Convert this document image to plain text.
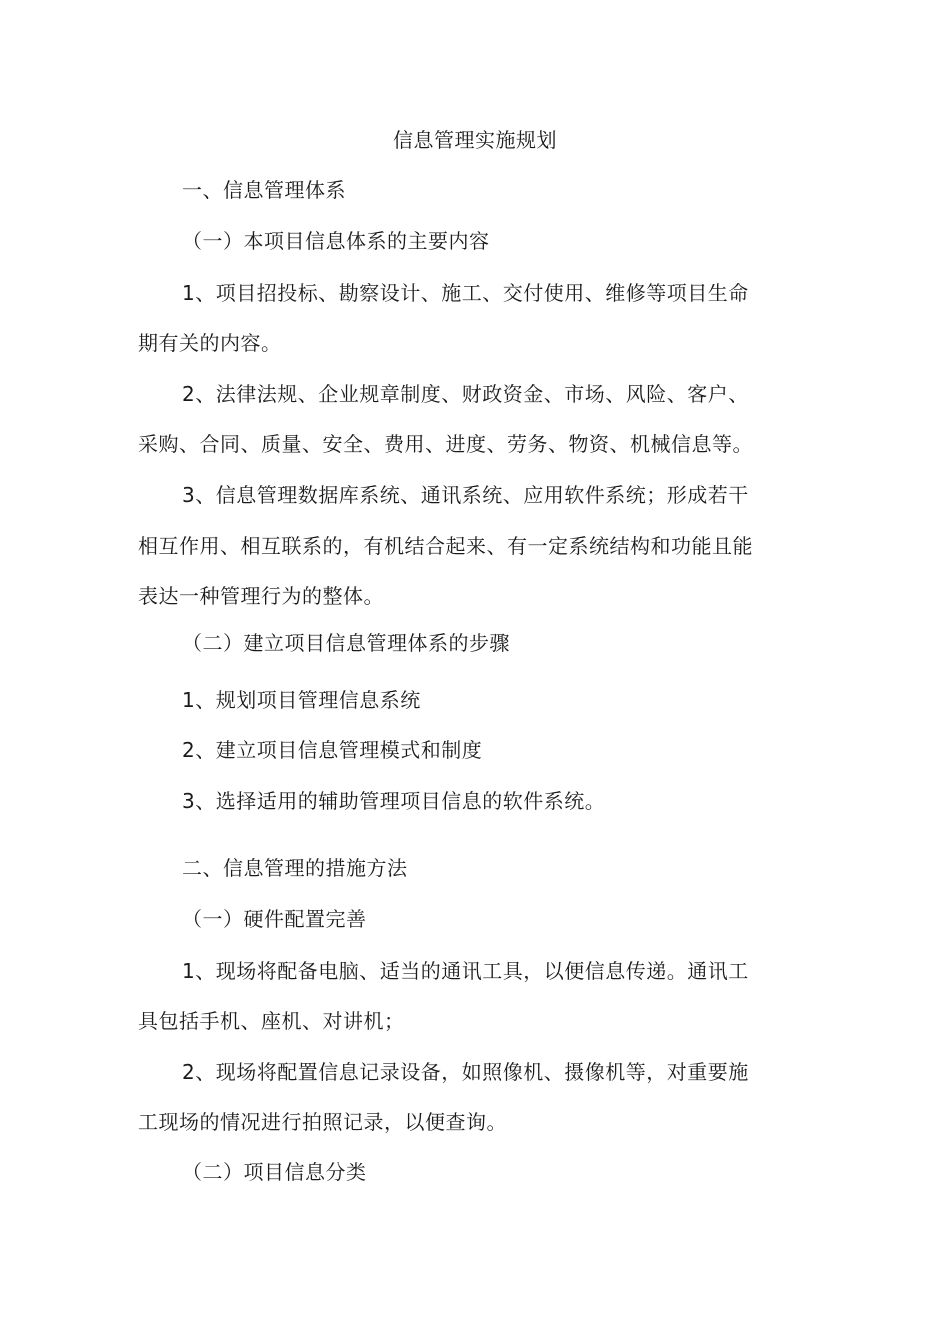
信息管理实施规划
一、信息管理体系
（一）本项目信息体系的主要内容
1、项目招投标、勘察设计、施工、交付使用、维修等项目生命
期有关的内容。
2、法律法规、企业规章制度、财政资金、市场、风险、客户、
采购、合同、质量、安全、费用、进度、劳务、物资、机械信息等。
3、信息管理数据库系统、通讯系统、应用软件系统；形成若干
相互作用、相互联系的，有机结合起来、有一定系统结构和功能且能
表达一种管理行为的整体。
（二）建立项目信息管理体系的步骤
1、规划项目管理信息系统
2、建立项目信息管理模式和制度
3、选择适用的辅助管理项目信息的软件系统。
二、信息管理的措施方法
（一）硬件配置完善
1、现场将配备电脑、适当的通讯工具，以便信息传递。通讯工
具包括手机、座机、对讲机；
2、现场将配置信息记录设备，如照像机、摄像机等，对重要施
工现场的情况进行拍照记录，以便查询。
（二）项目信息分类
